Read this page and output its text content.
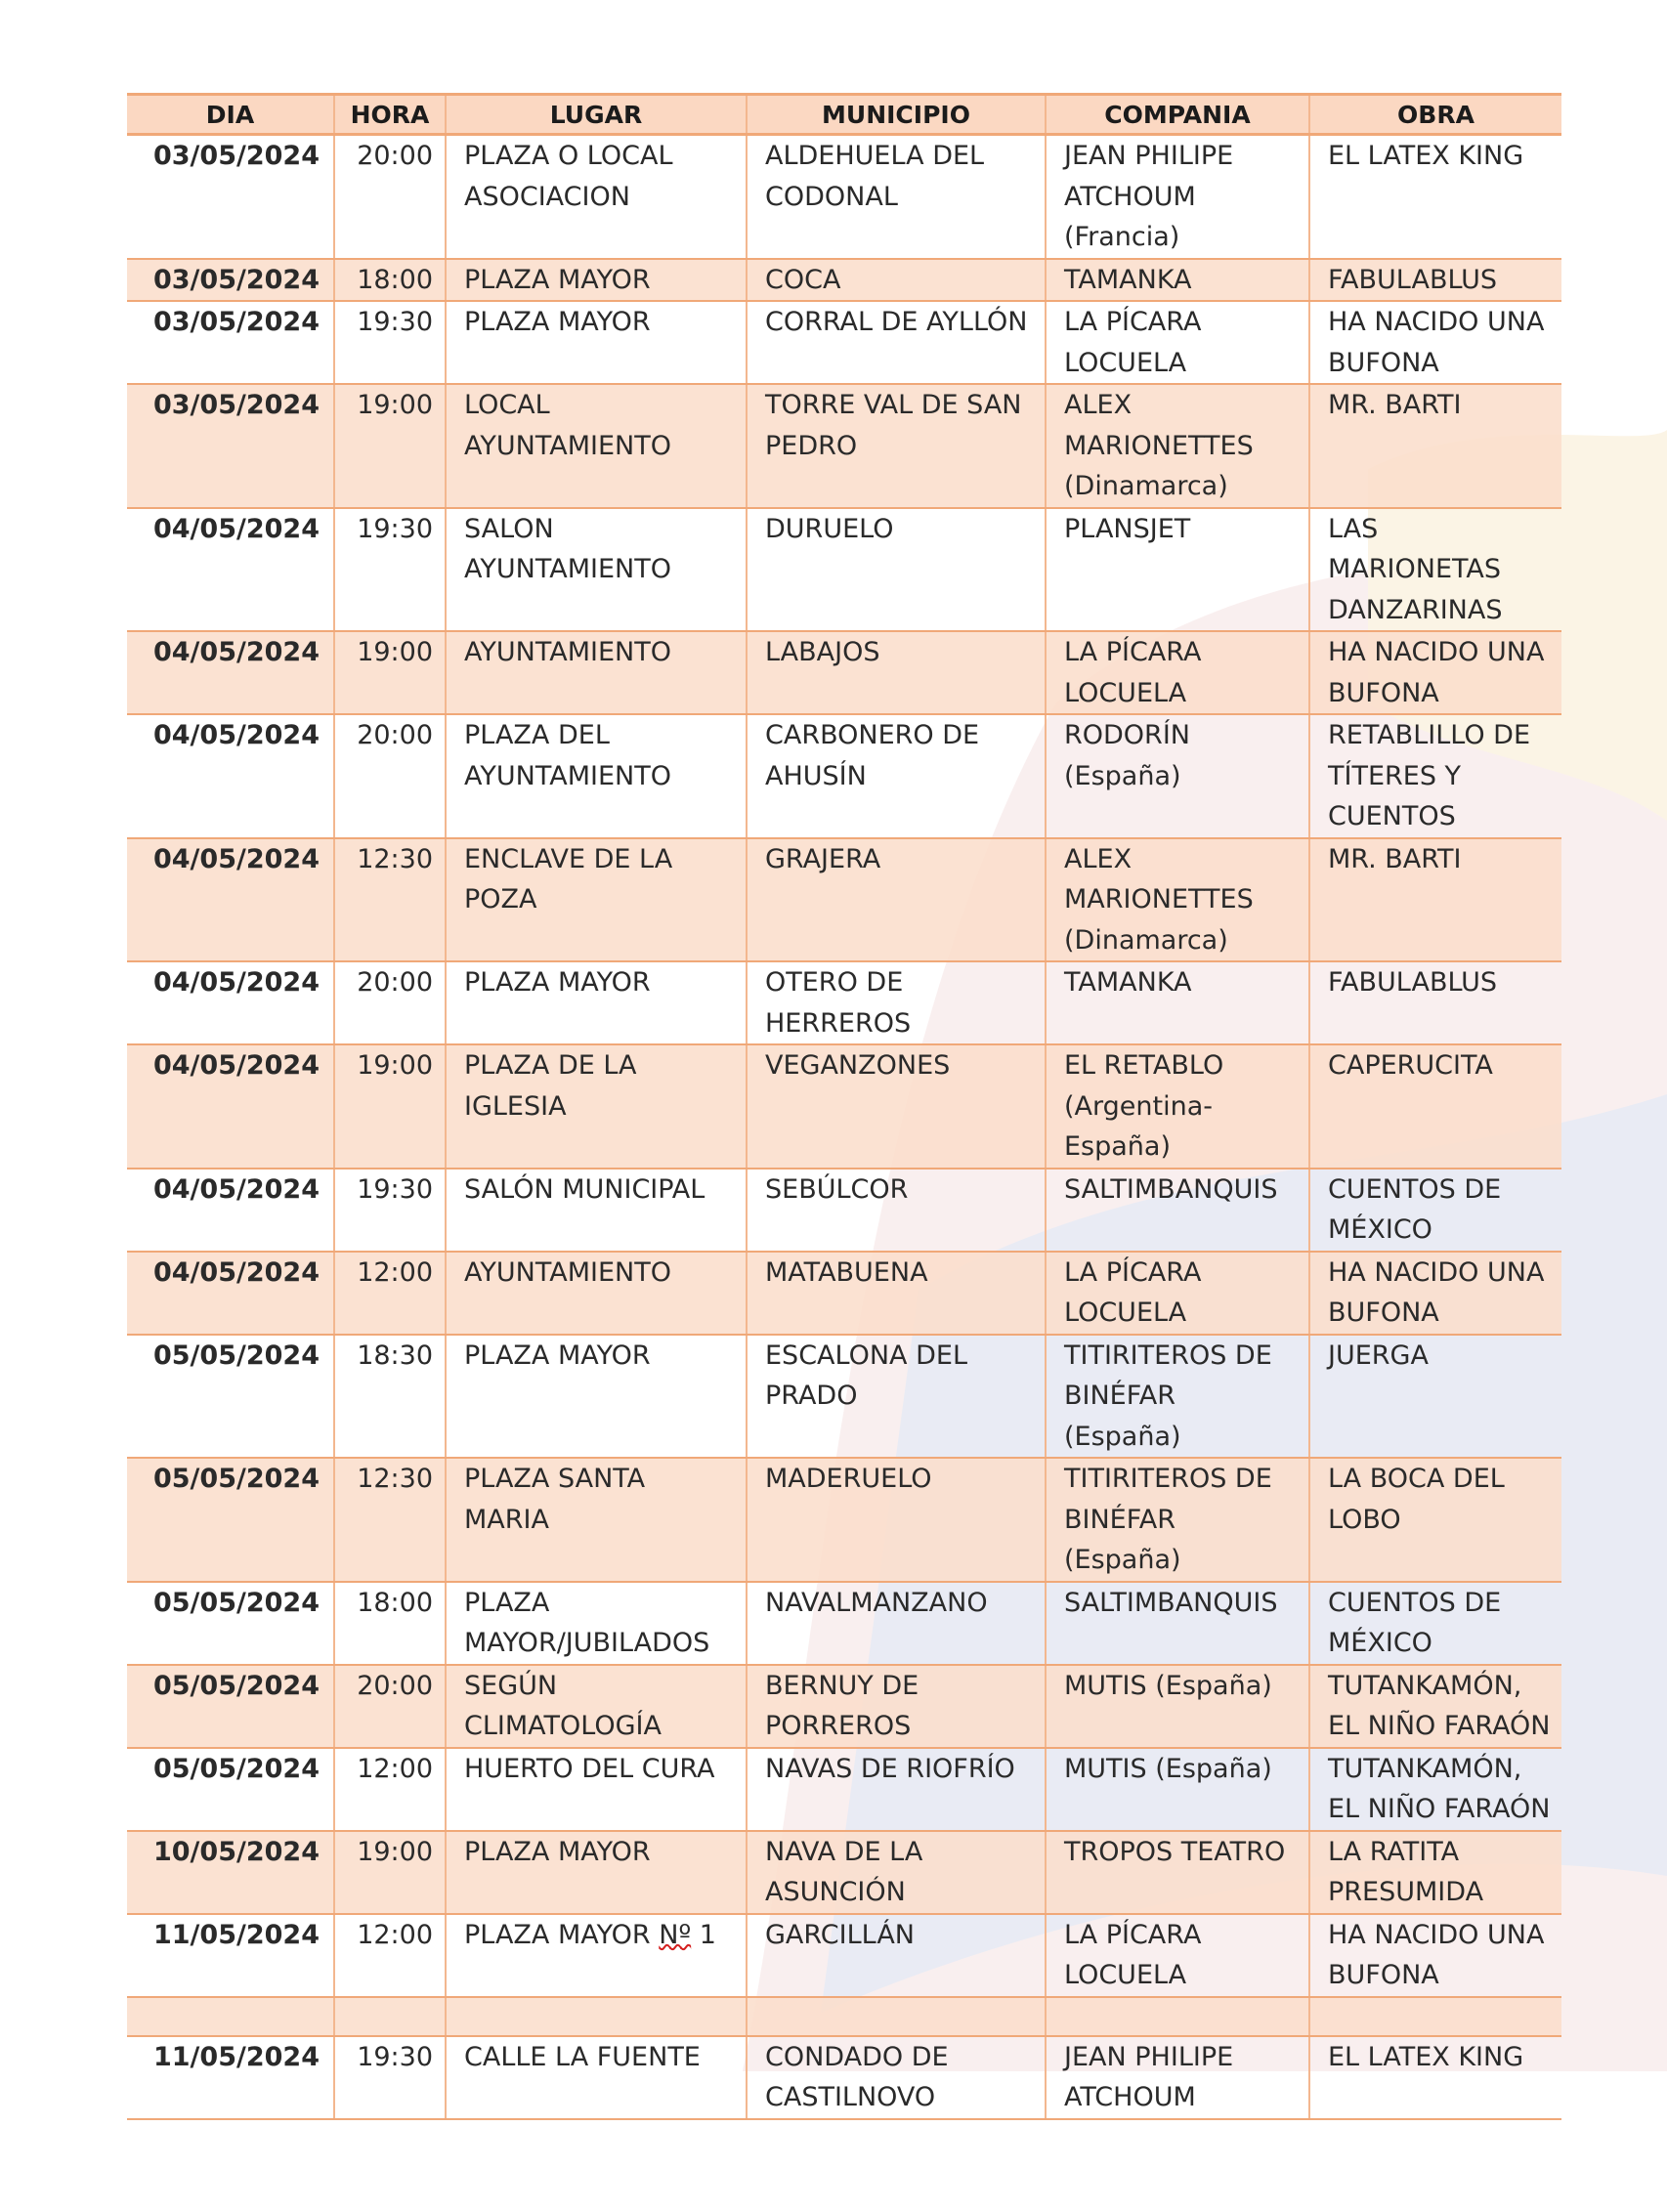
DIA	HORA	LUGAR	MUNICIPIO	COMPANIA	OBRA
03/05/2024	20:00	PLAZA O LOCAL ASOCIACION	ALDEHUELA DEL CODONAL	JEAN PHILIPE ATCHOUM (Francia)	EL LATEX KING
03/05/2024	18:00	PLAZA MAYOR	COCA	TAMANKA	FABULABLUS
03/05/2024	19:30	PLAZA MAYOR	CORRAL DE AYLLÓN	LA PÍCARA LOCUELA	HA NACIDO UNA BUFONA
03/05/2024	19:00	LOCAL AYUNTAMIENTO	TORRE VAL DE SAN PEDRO	ALEX MARIONETTES (Dinamarca)	MR. BARTI
04/05/2024	19:30	SALON AYUNTAMIENTO	DURUELO	PLANSJET	LAS MARIONETAS DANZARINAS
04/05/2024	19:00	AYUNTAMIENTO	LABAJOS	LA PÍCARA LOCUELA	HA NACIDO UNA BUFONA
04/05/2024	20:00	PLAZA DEL AYUNTAMIENTO	CARBONERO DE AHUSÍN	RODORÍN (España)	RETABLILLO DE TÍTERES Y CUENTOS
04/05/2024	12:30	ENCLAVE DE LA POZA	GRAJERA	ALEX MARIONETTES (Dinamarca)	MR. BARTI
04/05/2024	20:00	PLAZA MAYOR	OTERO DE HERREROS	TAMANKA	FABULABLUS
04/05/2024	19:00	PLAZA DE LA IGLESIA	VEGANZONES	EL RETABLO (Argentina-España)	CAPERUCITA
04/05/2024	19:30	SALÓN MUNICIPAL	SEBÚLCOR	SALTIMBANQUIS	CUENTOS DE MÉXICO
04/05/2024	12:00	AYUNTAMIENTO	MATABUENA	LA PÍCARA LOCUELA	HA NACIDO UNA BUFONA
05/05/2024	18:30	PLAZA MAYOR	ESCALONA DEL PRADO	TITIRITEROS DE BINÉFAR (España)	JUERGA
05/05/2024	12:30	PLAZA SANTA MARIA	MADERUELO	TITIRITEROS DE BINÉFAR (España)	LA BOCA DEL LOBO
05/05/2024	18:00	PLAZA MAYOR/JUBILADOS	NAVALMANZANO	SALTIMBANQUIS	CUENTOS DE MÉXICO
05/05/2024	20:00	SEGÚN CLIMATOLOGÍA	BERNUY DE PORREROS	MUTIS (España)	TUTANKAMÓN, EL NIÑO FARAÓN
05/05/2024	12:00	HUERTO DEL CURA	NAVAS DE RIOFRÍO	MUTIS (España)	TUTANKAMÓN, EL NIÑO FARAÓN
10/05/2024	19:00	PLAZA MAYOR	NAVA DE LA ASUNCIÓN	TROPOS TEATRO	LA RATITA PRESUMIDA
11/05/2024	12:00	PLAZA MAYOR Nº 1	GARCILLÁN	LA PÍCARA LOCUELA	HA NACIDO UNA BUFONA

11/05/2024	19:30	CALLE LA FUENTE	CONDADO DE CASTILNOVO	JEAN PHILIPE ATCHOUM	EL LATEX KING
